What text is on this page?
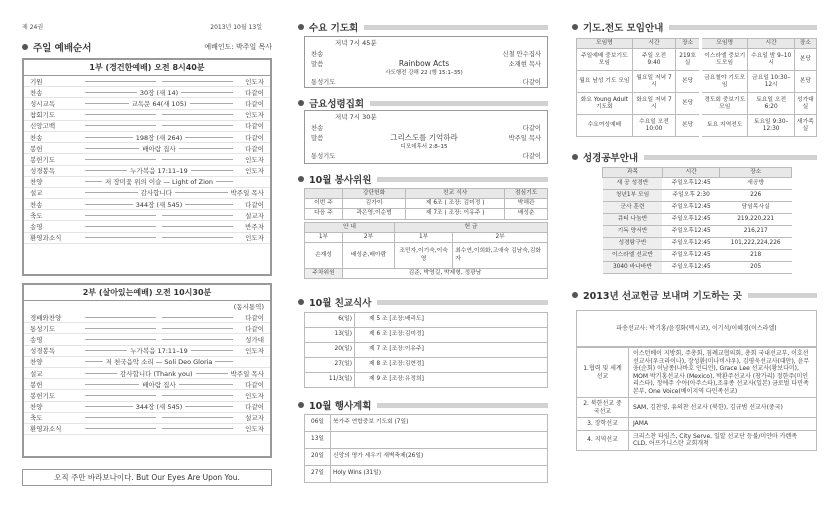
제 24권	2013년 10월 13일
주일 예배순서	예배인도: 박주일 목사
1부 (경건한예배) 오전 8시40분
기원	인도자
찬송	30장 (새 14)	다같이
성시교독	교독문 64(새 105)	다같이
참회기도	인도자
신앙고백	다같이
찬송	198장 (새 264)	다같이
봉헌	배아람 집사	다같이
봉헌기도	인도자
성경봉독	누가복음 17:11–19	인도자
찬양	저 장미꽃 위의 이슬 — Light of Zion
설교	감사합니다	박주일 목사
찬송	344장 (새 545)	다같이
축도	설교자
송영	반주자
환영과소식	인도자
2부 (살아있는예배) 오전 10시30분
(동시통역)
경배와찬양	다같이
통성기도	다같이
송영	성가대
성경봉독	누가복음 17:11–19	인도자
찬양	저 천국음악 소리 — Soli Deo Gloria
설교	감사합니다 (Thank you)	박주일 목사
봉헌	배아람 집사	다같이
봉헌기도	인도자
찬양	344장 (새 545)	다같이
축도	설교자
환영과소식	인도자
오직 주만 바라보나이다. But Our Eyes Are Upon You.
수요 기도회
저녁 7시 45분
찬송	신철 안수집사
말씀	Rainbow Acts	소재현 목사
사도행전 강해 22 (행 15:1–35)
통성기도	다같이
금요성령집회
저녁 7시 30분
찬송	다같이
말씀	그리스도를 기억하라	박주일 목사
디모데후서 2:8–15
통성기도	다같이
10월 봉사위원
	강단헌화	친교 식사	점심기도
이번 주	김가이	제 6조 ( 조장: 김미정 )	박해관
다음 주	곽은영,이순범	제 7조 ( 조장: 이유주 )	배성춘
안 내		헌 금	
1부	2부	1부	2부
손재성	배성춘,배아람	조민자,이기숙,이숙영	최수연,이희화,고애숙 김남숙,김화자
주차위원	김준, 박영길, 박제형, 정광남		
10월 친교식사
6(일)	제 5 조 [조장:배리도]
13(일)	제 6 조 [조장:김미정]
20(일)	제 7 조 [조장:이유주]
27(일)	제 8 조 [조장:김현정]
11/3(일)	제 9 조 [조장:유정희]
10월 행사계획
06일	북가주 연합중보 기도회 (7일)
13일	
20일	신앙의 명가 세우기 새벽축제(26일)
27일	Holy Wins (31일)
기도.전도 모임안내
모임명	시간	장소	모임명	시간	장소
주일예배 중보기도모임	주일 오전 9:40	219호실	이스라엘 중보기도모임	수요일 밤 9–10시	본당
월요 남성 기도 모임	월요일 저녁 7시	본당	금요철야 기도모임	금요일 10:30–12시	본당
화요 Young Adult 기도회	화요일 저녁 7시	본당	경도회 중보기도모임	토요일 오전 6:20	성가대실
수요여성예배	수요일 오전 10:00	본당	토요 지역전도	토요일 9:30–12:30	새가족실
성경공부안내
과목	시간	장소
새 공 성경반	주일오후12:45	새공방
청년1부 모임	주일오후 2:30	226
군사 훈련	주일오후12:45	담임목사실
큐티 나눔반	주일오후12:45	219,220,221
기독 양서반	주일오후12:45	216,217
성경탐구반	주일오후12:45	101,222,224,226
이스라엘 선교반	주일오후12:45	218
3040 바나바반	주일오후12:45	205
2013년 선교헌금 보내며 기도하는 곳
파송선교사: 박기홍/윤경화(멕시코), 이기석/이혜경(이스라엘)
1.협력 및 세계선교	이스턴베이 지방회, 주총회, 침례교협의회, 총회 국내선교부, 이호선선교사(우크라이나), 장성환(미나비샤우), 김평욱선교사(대만), 윤무웅(순회) 이남종(나바호 인디언), Grace Lee 선교사(황보다미), MOM 박기홍선교사 (Mexico), 박환주선교사 (창가리) 정한주(미인리스타), 정에주 수아(아주스타),조유종 선교사(일본) 금로벌 다민족 본부, One Voice(베이지역 다민족선교)
2. 북한선교 중국선교	SAM, 김찬영, 유의찬 선교사 (북한), 김규범 선교사(중국)
3. 장학선교	JAMA
4. 지역선교	크리스찬 타임즈, City Serve, 일알 선교단 등불/미얀마 카렌족 CLD, 어프가니스탄 교회개척
